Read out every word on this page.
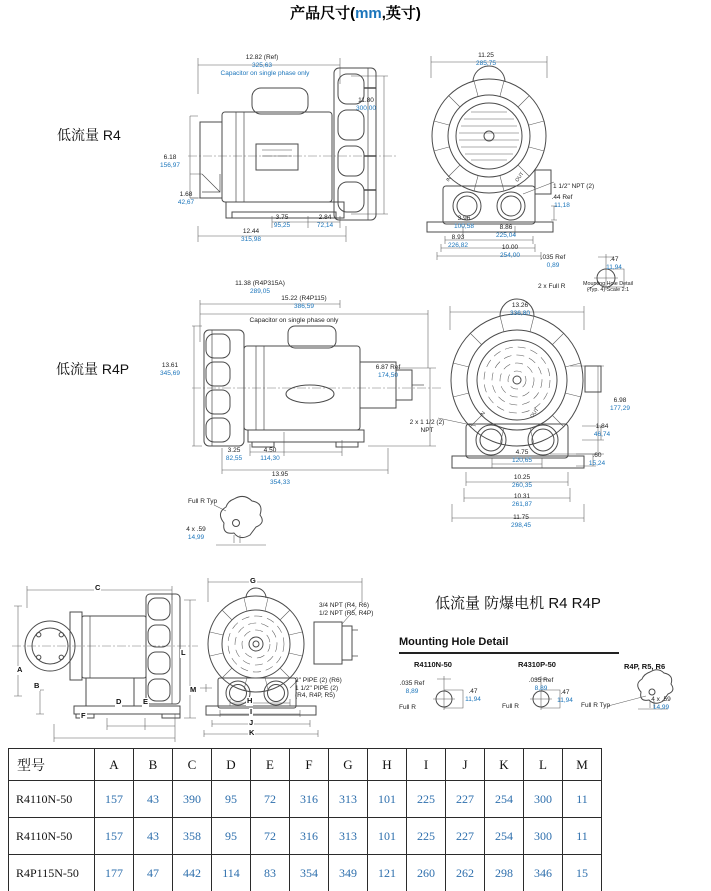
产品尺寸(mm,英寸)
低流量 R4
低流量 R4P
12.82 (Ref)
325,63
Capacitor on single phase only
11.80
300,00
6.18
156,97
1.68
42,67
3.75
95,25
2.84
72,14
12.44
315,98
11.25
285,75
IN	OUT
1 1/2" NPT (2)
.44 Ref
11,18
3.96
100,58	8.86
225,04
8.93
226,82	10.00
254,00	.035 Ref
0,89
.47
11,94
2 x Full R	Mounting Hole Detail
(Typ. 4) Scale 2:1
11.38 (R4P315A)
289,05
15.22 (R4P115)
386,59
Capacitor on single phase only
13.61
345,69
6.87 Ref
174,50
3.25
82,55
4.50
114,30
13.95
354,33
Full R Typ
4 x .59
14,99
13.26
336,80
IN	OUT
2 x 1 1/2 (2)
NPT
6.98
177,29
1.84
46,74
4.75
120,65
.60
15,24
10.25
260,35
10.31
261,87
11.75
298,45
A
B
C
D	E
F
G
H
I
J
K
L
M
3/4 NPT (R4, R6)
1/2 NPT (R5, R4P)
2" PIPE (2) (R6)
1 1/2" PIPE (2)
(R4, R4P, R5)
低流量 防爆电机 R4 R4P
Mounting Hole Detail
R4110N-50	R4310P-50	R4P, R5, R6
.035 Ref
8,89	.47
11,94
Full R
.035 Ref
8,89
.47
11,94
Full R	Full R Typ
4 x .59
14,99
型号	A	B	C	D	E	F	G	H	I	J	K	L	M
R4110N-50	157	43	390	95	72	316	313	101	225	227	254	300	11
R4110N-50	157	43	358	95	72	316	313	101	225	227	254	300	11
R4P115N-50	177	47	442	114	83	354	349	121	260	262	298	346	15
